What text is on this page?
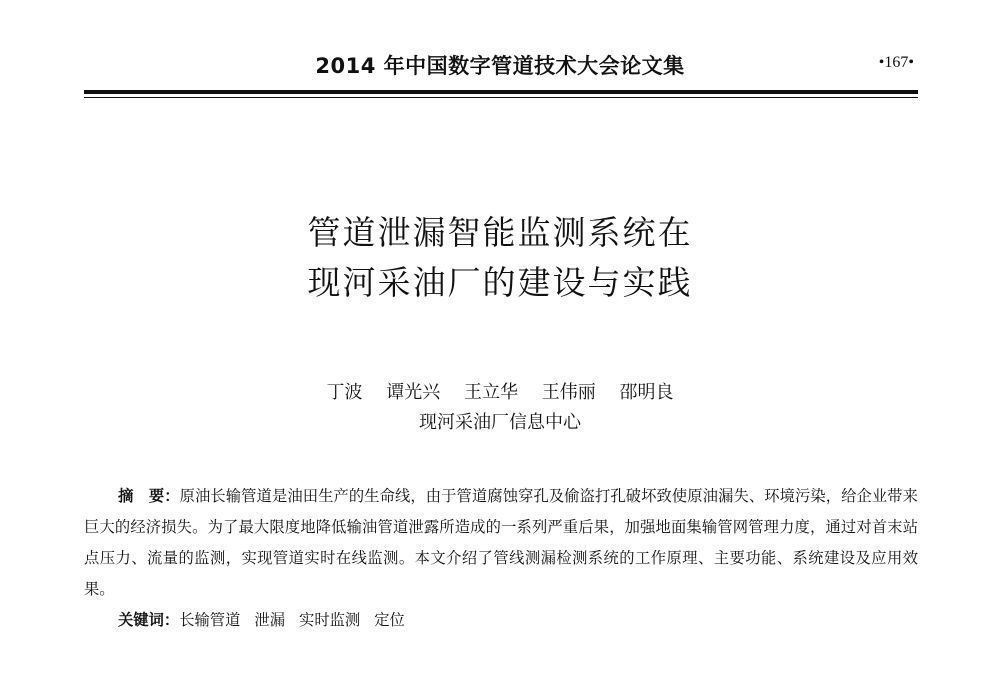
2014 年中国数字管道技术大会论文集	•167•
管道泄漏智能监测系统在
现河采油厂的建设与实践
丁波 谭光兴 王立华 王伟丽 邵明良
现河采油厂信息中心
摘　要：原油长输管道是油田生产的生命线，由于管道腐蚀穿孔及偷盗打孔破坏致使原油漏失、环境污染，给企业带来巨大的经济损失。为了最大限度地降低输油管道泄露所造成的一系列严重后果，加强地面集输管网管理力度，通过对首末站点压力、流量的监测，实现管道实时在线监测。本文介绍了管线测漏检测系统的工作原理、主要功能、系统建设及应用效果。
关键词：长输管道 泄漏 实时监测 定位
